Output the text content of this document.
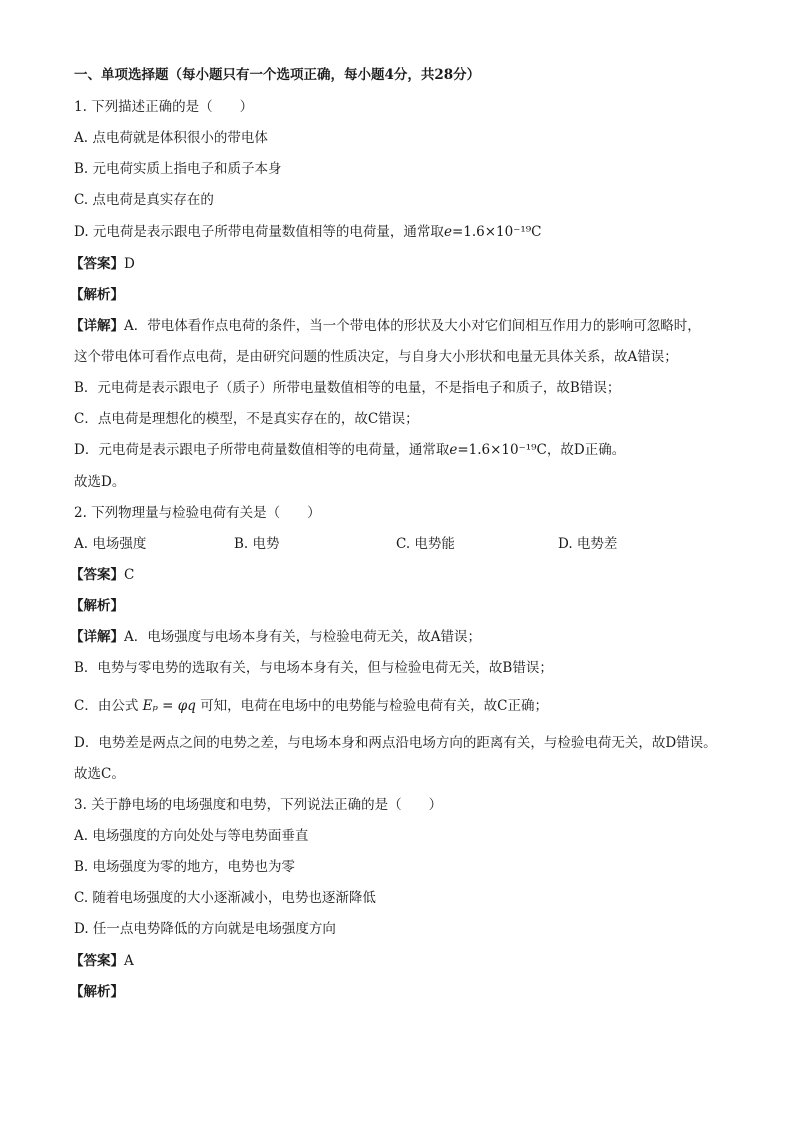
一、单项选择题（每小题只有一个选项正确，每小题4分，共28分）
1. 下列描述正确的是（　　）
A. 点电荷就是体积很小的带电体
B. 元电荷实质上指电子和质子本身
C. 点电荷是真实存在的
D. 元电荷是表示跟电子所带电荷量数值相等的电荷量，通常取e=1.6×10⁻¹⁹C
【答案】D
【解析】
【详解】A．带电体看作点电荷的条件，当一个带电体的形状及大小对它们间相互作用力的影响可忽略时，
这个带电体可看作点电荷，是由研究问题的性质决定，与自身大小形状和电量无具体关系，故A错误；
B．元电荷是表示跟电子（质子）所带电量数值相等的电量，不是指电子和质子，故B错误；
C．点电荷是理想化的模型，不是真实存在的，故C错误；
D．元电荷是表示跟电子所带电荷量数值相等的电荷量，通常取e=1.6×10⁻¹⁹C，故D正确。
故选D。
2. 下列物理量与检验电荷有关是（　　）
A. 电场强度	B. 电势	C. 电势能	D. 电势差
【答案】C
【解析】
【详解】A．电场强度与电场本身有关，与检验电荷无关，故A错误；
B．电势与零电势的选取有关，与电场本身有关，但与检验电荷无关，故B错误；
C．由公式 Eₚ = φq 可知，电荷在电场中的电势能与检验电荷有关，故C正确；
D．电势差是两点之间的电势之差，与电场本身和两点沿电场方向的距离有关，与检验电荷无关，故D错误。
故选C。
3. 关于静电场的电场强度和电势，下列说法正确的是（　　）
A. 电场强度的方向处处与等电势面垂直
B. 电场强度为零的地方，电势也为零
C. 随着电场强度的大小逐渐减小，电势也逐渐降低
D. 任一点电势降低的方向就是电场强度方向
【答案】A
【解析】
